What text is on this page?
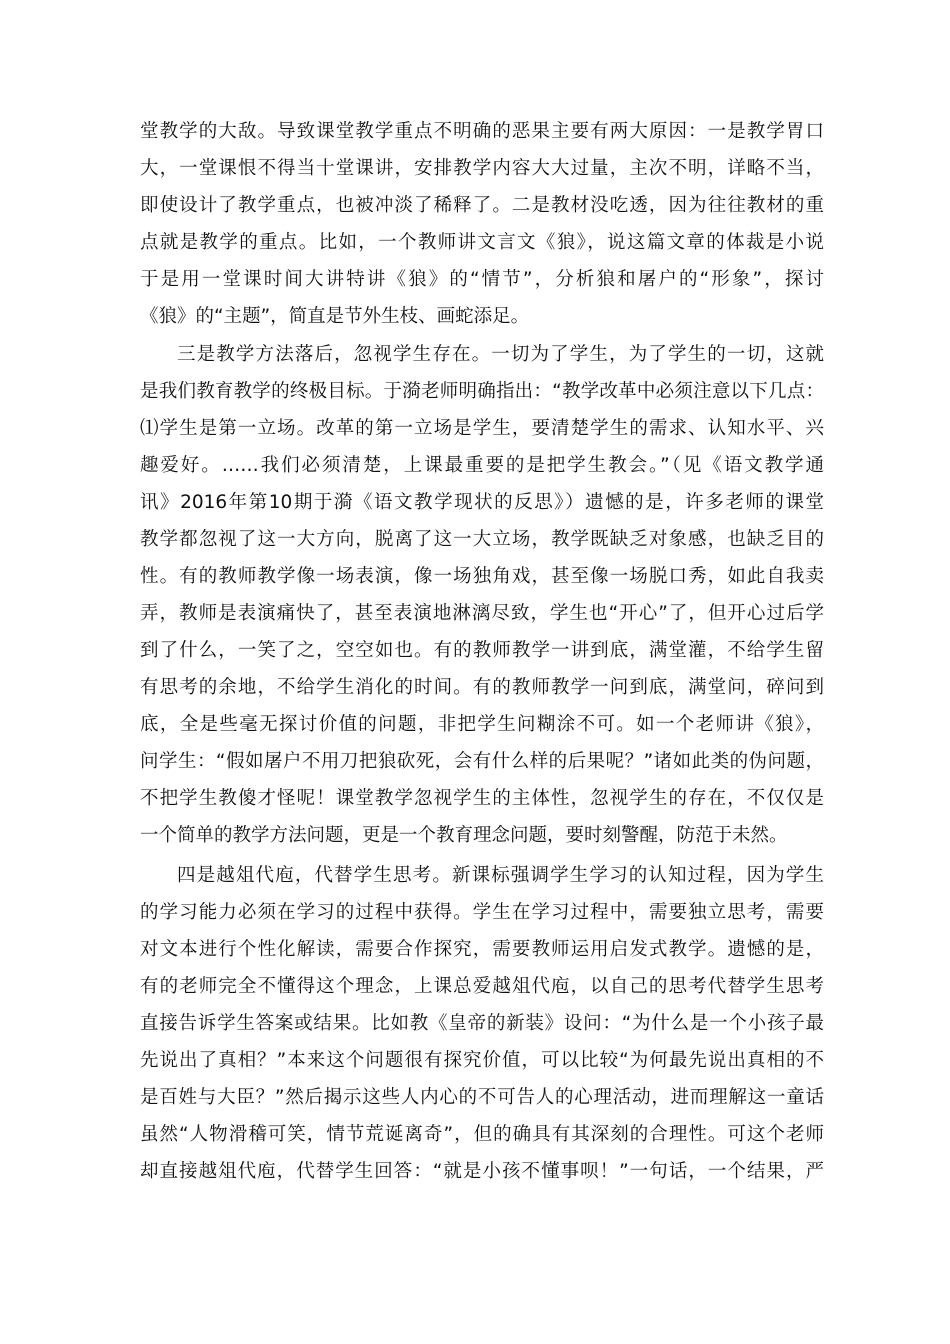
堂教学的大敌。导致课堂教学重点不明确的恶果主要有两大原因：一是教学胃口
大，一堂课恨不得当十堂课讲，安排教学内容大大过量，主次不明，详略不当，
即使设计了教学重点，也被冲淡了稀释了。二是教材没吃透，因为往往教材的重
点就是教学的重点。比如，一个教师讲文言文《狼》，说这篇文章的体裁是小说
于是用一堂课时间大讲特讲《狼》的“情节”，分析狼和屠户的“形象”，探讨
《狼》的“主题”，简直是节外生枝、画蛇添足。
三是教学方法落后，忽视学生存在。一切为了学生，为了学生的一切，这就
是我们教育教学的终极目标。于漪老师明确指出：“教学改革中必须注意以下几点：
⑴学生是第一立场。改革的第一立场是学生，要清楚学生的需求、认知水平、兴
趣爱好。……我们必须清楚，上课最重要的是把学生教会。”（见《语文教学通
讯》2016年第10期于漪《语文教学现状的反思》）遗憾的是，许多老师的课堂
教学都忽视了这一大方向，脱离了这一大立场，教学既缺乏对象感，也缺乏目的
性。有的教师教学像一场表演，像一场独角戏，甚至像一场脱口秀，如此自我卖
弄，教师是表演痛快了，甚至表演地淋漓尽致，学生也“开心”了，但开心过后学
到了什么，一笑了之，空空如也。有的教师教学一讲到底，满堂灌，不给学生留
有思考的余地，不给学生消化的时间。有的教师教学一问到底，满堂问，碎问到
底，全是些毫无探讨价值的问题，非把学生问糊涂不可。如一个老师讲《狼》，
问学生：“假如屠户不用刀把狼砍死，会有什么样的后果呢？”诸如此类的伪问题，
不把学生教傻才怪呢！课堂教学忽视学生的主体性，忽视学生的存在，不仅仅是
一个简单的教学方法问题，更是一个教育理念问题，要时刻警醒，防范于未然。
四是越俎代庖，代替学生思考。新课标强调学生学习的认知过程，因为学生
的学习能力必须在学习的过程中获得。学生在学习过程中，需要独立思考，需要
对文本进行个性化解读，需要合作探究，需要教师运用启发式教学。遗憾的是，
有的老师完全不懂得这个理念，上课总爱越俎代庖，以自己的思考代替学生思考
直接告诉学生答案或结果。比如教《皇帝的新装》设问：“为什么是一个小孩子最
先说出了真相？”本来这个问题很有探究价值，可以比较“为何最先说出真相的不
是百姓与大臣？”然后揭示这些人内心的不可告人的心理活动，进而理解这一童话
虽然“人物滑稽可笑，情节荒诞离奇”，但的确具有其深刻的合理性。可这个老师
却直接越俎代庖，代替学生回答：“就是小孩不懂事呗！”一句话，一个结果，严
